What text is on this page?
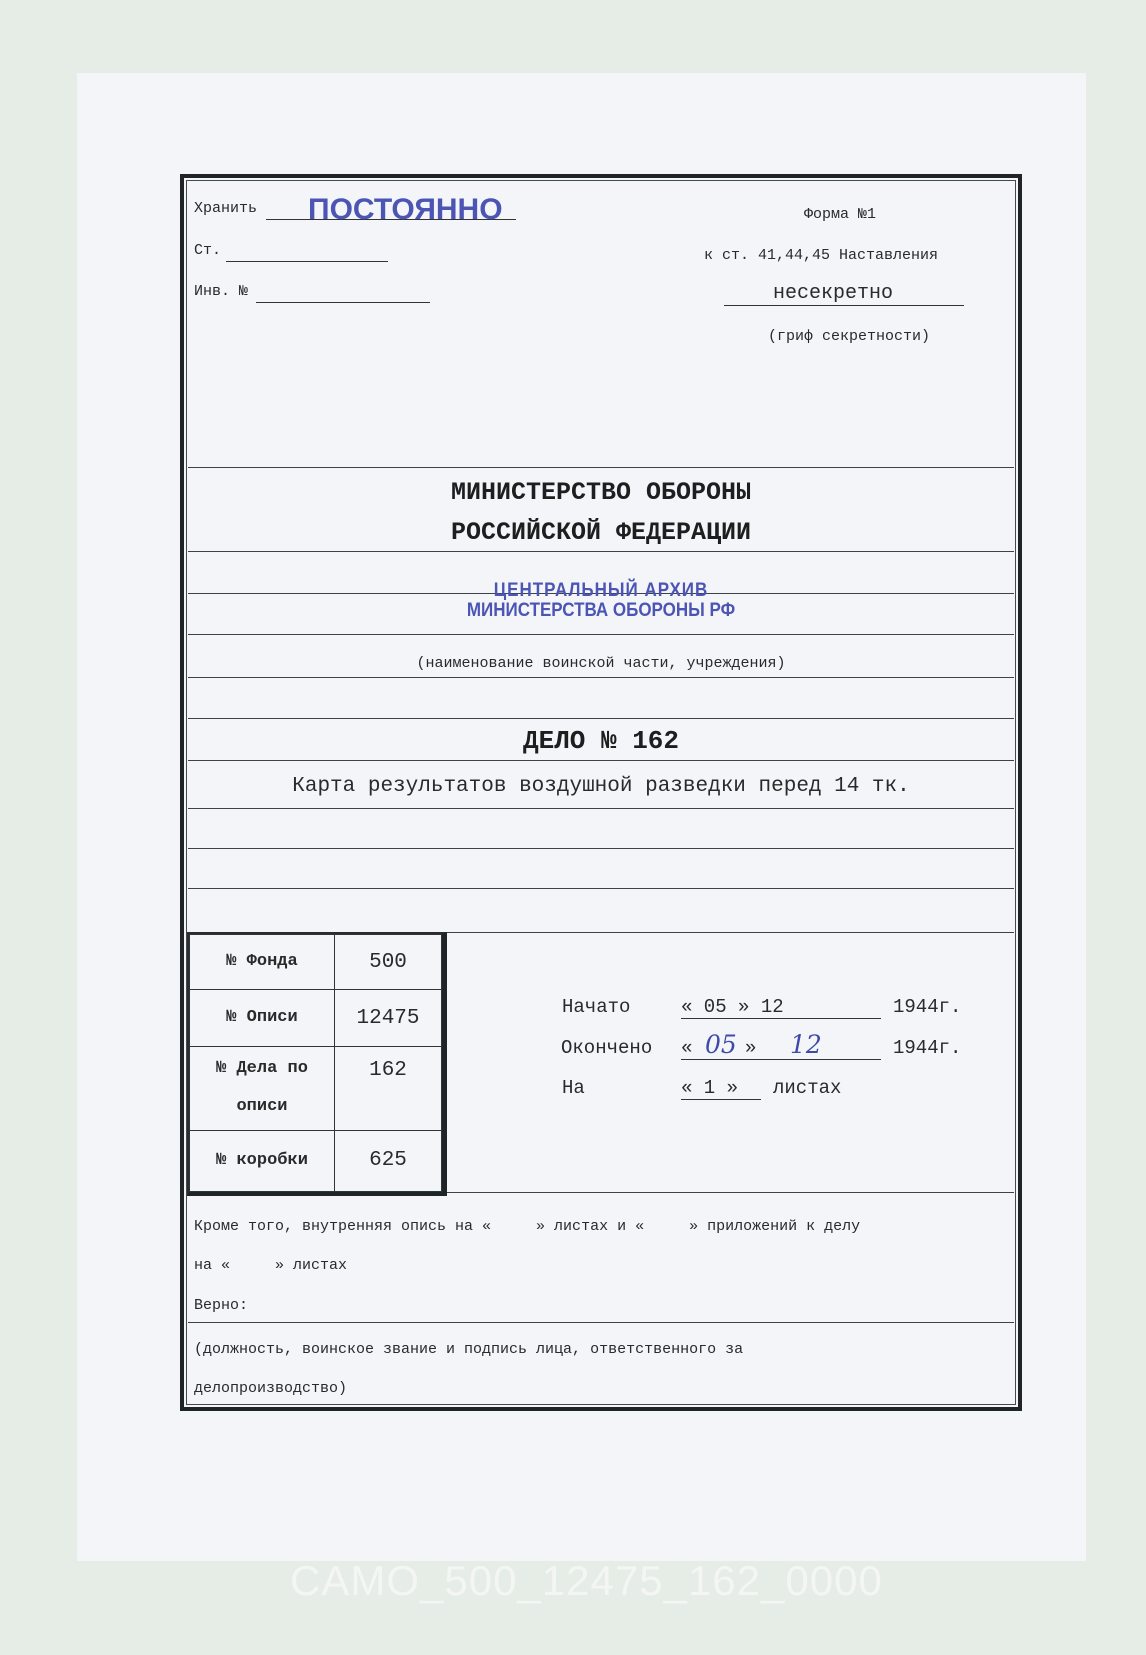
Хранить ПОСТОЯННО
Ст.
Инв. №
Форма №1
к ст. 41,44,45 Наставления
несекретно
(гриф секретности)
МИНИСТЕРСТВО ОБОРОНЫ
РОССИЙСКОЙ ФЕДЕРАЦИИ
ЦЕНТРАЛЬНЫЙ АРХИВ
МИНИСТЕРСТВА ОБОРОНЫ РФ
(наименование воинской части, учреждения)
ДЕЛО № 162
Карта результатов воздушной разведки перед 14 тк.
№ Фонда	500
№ Описи	12475
№ Дела по описи	162
№ коробки	625
Начато	« 05 » 12	1944г.
Окончено « 05 » 12	1944г.
На	« 1 » листах
Кроме того, внутренняя опись на «     » листах и «     » приложений к делу
на «     » листах
Верно:
(должность, воинское звание и подпись лица, ответственного за
делопроизводство)
CAMO_500_12475_162_0000
